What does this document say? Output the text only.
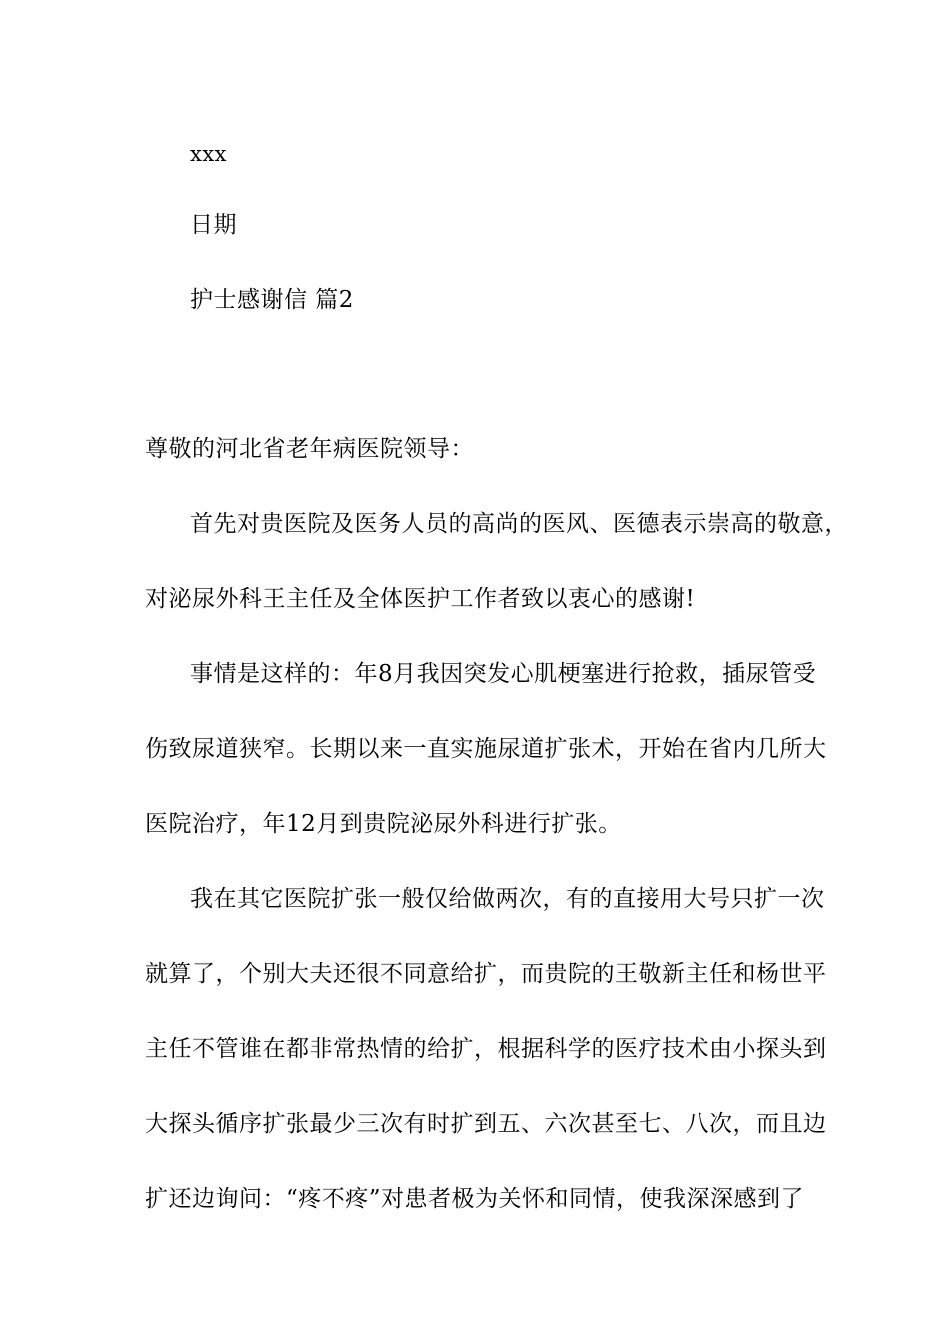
xxx
日期
护士感谢信 篇2
尊敬的河北省老年病医院领导：
首先对贵医院及医务人员的高尚的医风、医德表示崇高的敬意，
对泌尿外科王主任及全体医护工作者致以衷心的感谢!
事情是这样的：年8月我因突发心肌梗塞进行抢救，插尿管受
伤致尿道狭窄。长期以来一直实施尿道扩张术，开始在省内几所大
医院治疗，年12月到贵院泌尿外科进行扩张。
我在其它医院扩张一般仅给做两次，有的直接用大号只扩一次
就算了，个别大夫还很不同意给扩，而贵院的王敬新主任和杨世平
主任不管谁在都非常热情的给扩，根据科学的医疗技术由小探头到
大探头循序扩张最少三次有时扩到五、六次甚至七、八次，而且边
扩还边询问：“疼不疼”对患者极为关怀和同情，使我深深感到了
